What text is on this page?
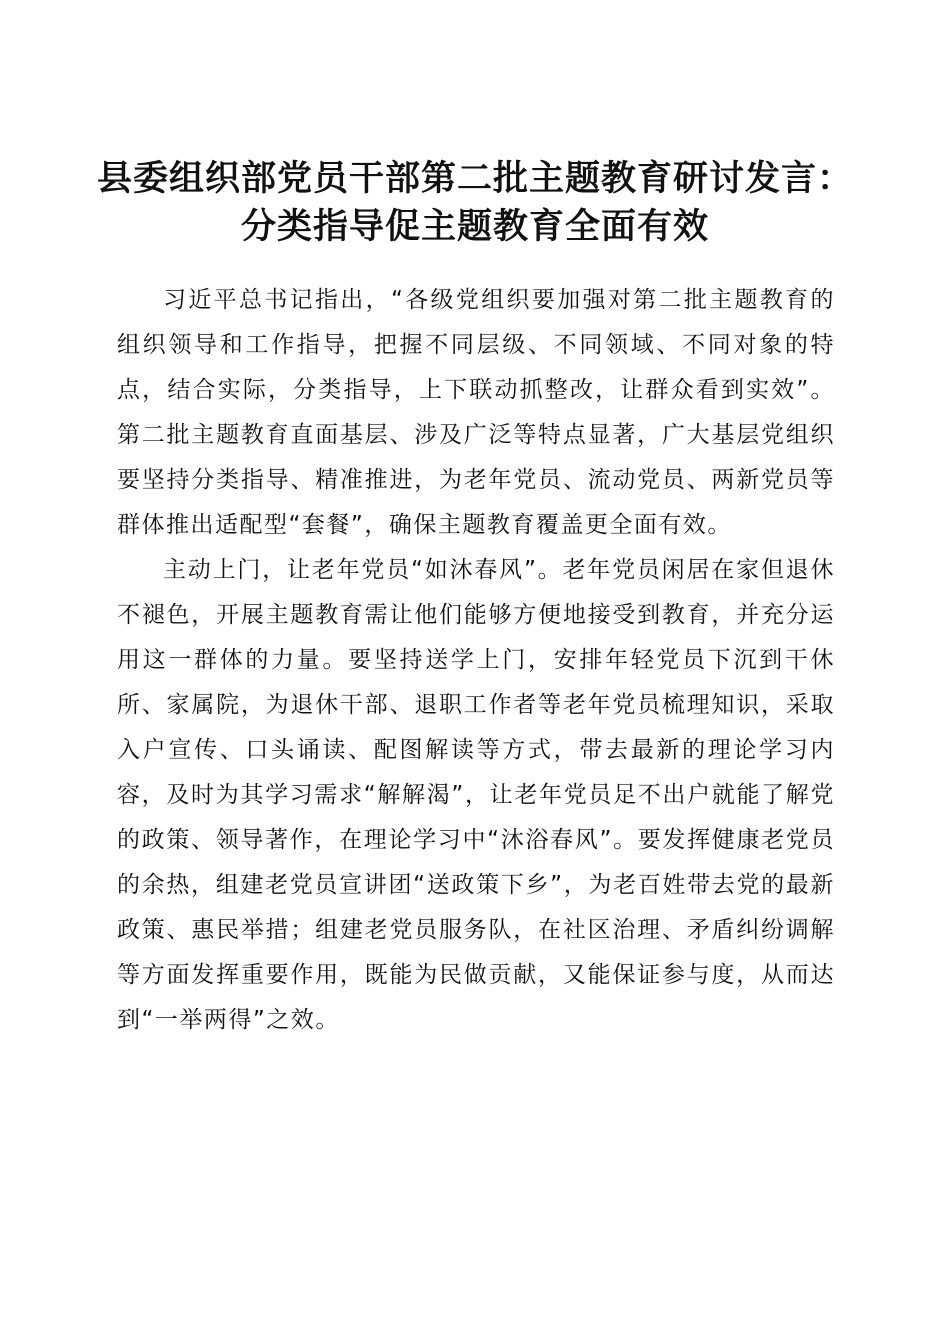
县委组织部党员干部第二批主题教育研讨发言：
分类指导促主题教育全面有效

习近平总书记指出，“各级党组织要加强对第二批主题教育的组织领导和工作指导，把握不同层级、不同领域、不同对象的特点，结合实际，分类指导，上下联动抓整改，让群众看到实效”。第二批主题教育直面基层、涉及广泛等特点显著，广大基层党组织要坚持分类指导、精准推进，为老年党员、流动党员、两新党员等群体推出适配型“套餐”，确保主题教育覆盖更全面有效。

主动上门，让老年党员“如沐春风”。老年党员闲居在家但退休不褪色，开展主题教育需让他们能够方便地接受到教育，并充分运用这一群体的力量。要坚持送学上门，安排年轻党员下沉到干休所、家属院，为退休干部、退职工作者等老年党员梳理知识，采取入户宣传、口头诵读、配图解读等方式，带去最新的理论学习内容，及时为其学习需求“解解渴”，让老年党员足不出户就能了解党的政策、领导著作，在理论学习中“沐浴春风”。要发挥健康老党员的余热，组建老党员宣讲团“送政策下乡”，为老百姓带去党的最新政策、惠民举措；组建老党员服务队，在社区治理、矛盾纠纷调解等方面发挥重要作用，既能为民做贡献，又能保证参与度，从而达到“一举两得”之效。
